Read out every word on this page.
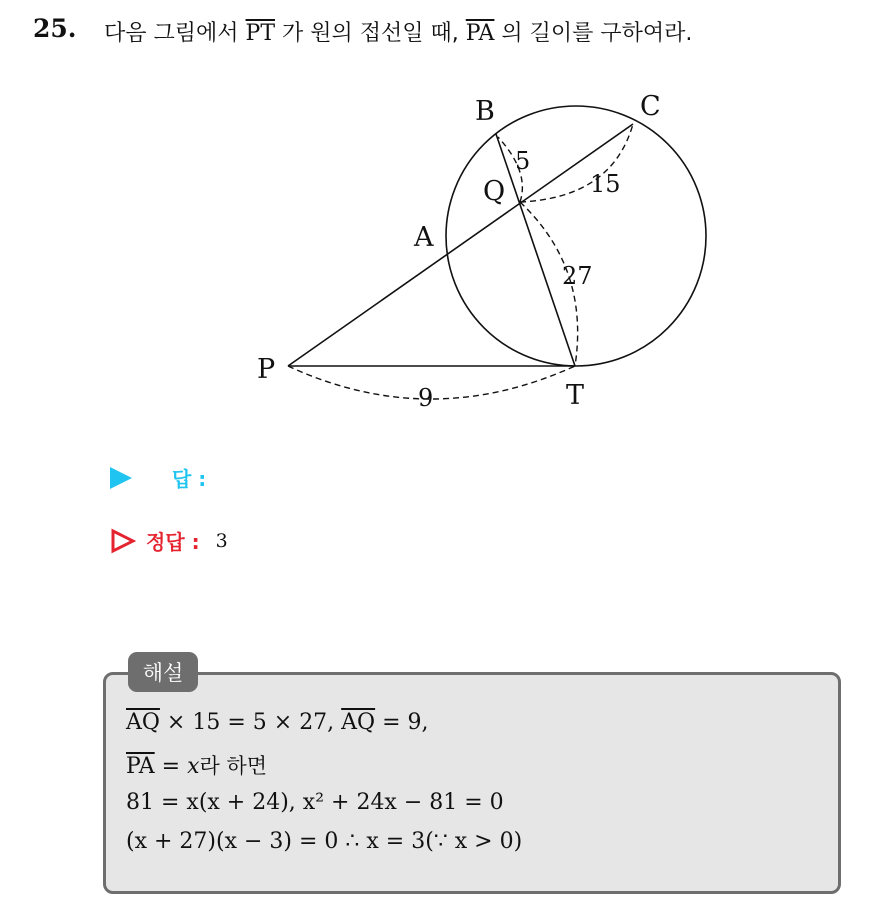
25. 다음 그림에서 $\overline{PT}$ 가 원의 접선일 때, $\overline{PA}$ 의 길이를 구하여라.
B	C
Q
A
P
T
5
15
27
9
답 :
정답 : 3
해설
$\overline{AQ} \times 15 = 5 \times 27$, $\overline{AQ} = 9$,
$\overline{PA} = x$라 하면
81 = x(x + 24), x² + 24x − 81 = 0
(x + 27)(x − 3) = 0 ∴ x = 3(∵ x > 0)
